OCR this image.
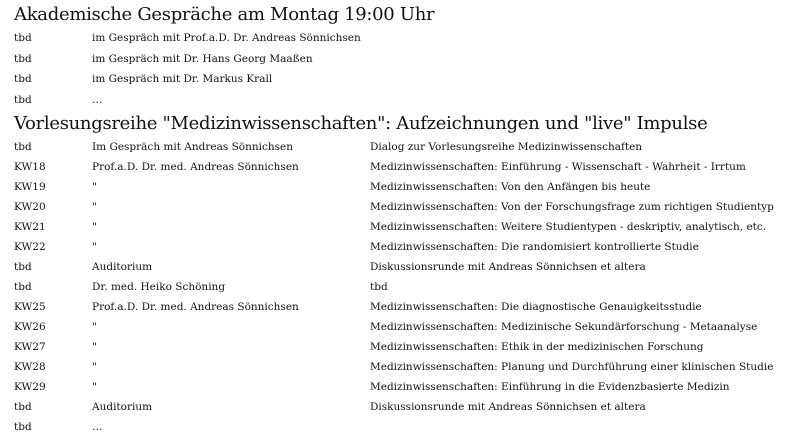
Akademische Gespräche am Montag 19:00 Uhr
tbd	im Gespräch mit Prof.a.D. Dr. Andreas Sönnichsen
tbd	im Gespräch mit Dr. Hans Georg Maaßen
tbd	im Gespräch mit Dr. Markus Krall
tbd	…
Vorlesungsreihe "Medizinwissenschaften": Aufzeichnungen und "live" Impulse
tbd	Im Gespräch mit Andreas Sönnichsen	Dialog zur Vorlesungsreihe Medizinwissenschaften
KW18	Prof.a.D. Dr. med. Andreas Sönnichsen	Medizinwissenschaften: Einführung - Wissenschaft - Wahrheit - Irrtum
KW19	"	Medizinwissenschaften: Von den Anfängen bis heute
KW20	"	Medizinwissenschaften: Von der Forschungsfrage zum richtigen Studientyp
KW21	"	Medizinwissenschaften: Weitere Studientypen - deskriptiv, analytisch, etc.
KW22	"	Medizinwissenschaften: Die randomisiert kontrollierte Studie
tbd	Auditorium	Diskussionsrunde mit Andreas Sönnichsen et altera
tbd	Dr. med. Heiko Schöning	tbd
KW25	Prof.a.D. Dr. med. Andreas Sönnichsen	Medizinwissenschaften: Die diagnostische Genauigkeitsstudie
KW26	"	Medizinwissenschaften: Medizinische Sekundärforschung - Metaanalyse
KW27	"	Medizinwissenschaften: Ethik in der medizinischen Forschung
KW28	"	Medizinwissenschaften: Planung und Durchführung einer klinischen Studie
KW29	"	Medizinwissenschaften: Einführung in die Evidenzbasierte Medizin
tbd	Auditorium	Diskussionsrunde mit Andreas Sönnichsen et altera
tbd	…
